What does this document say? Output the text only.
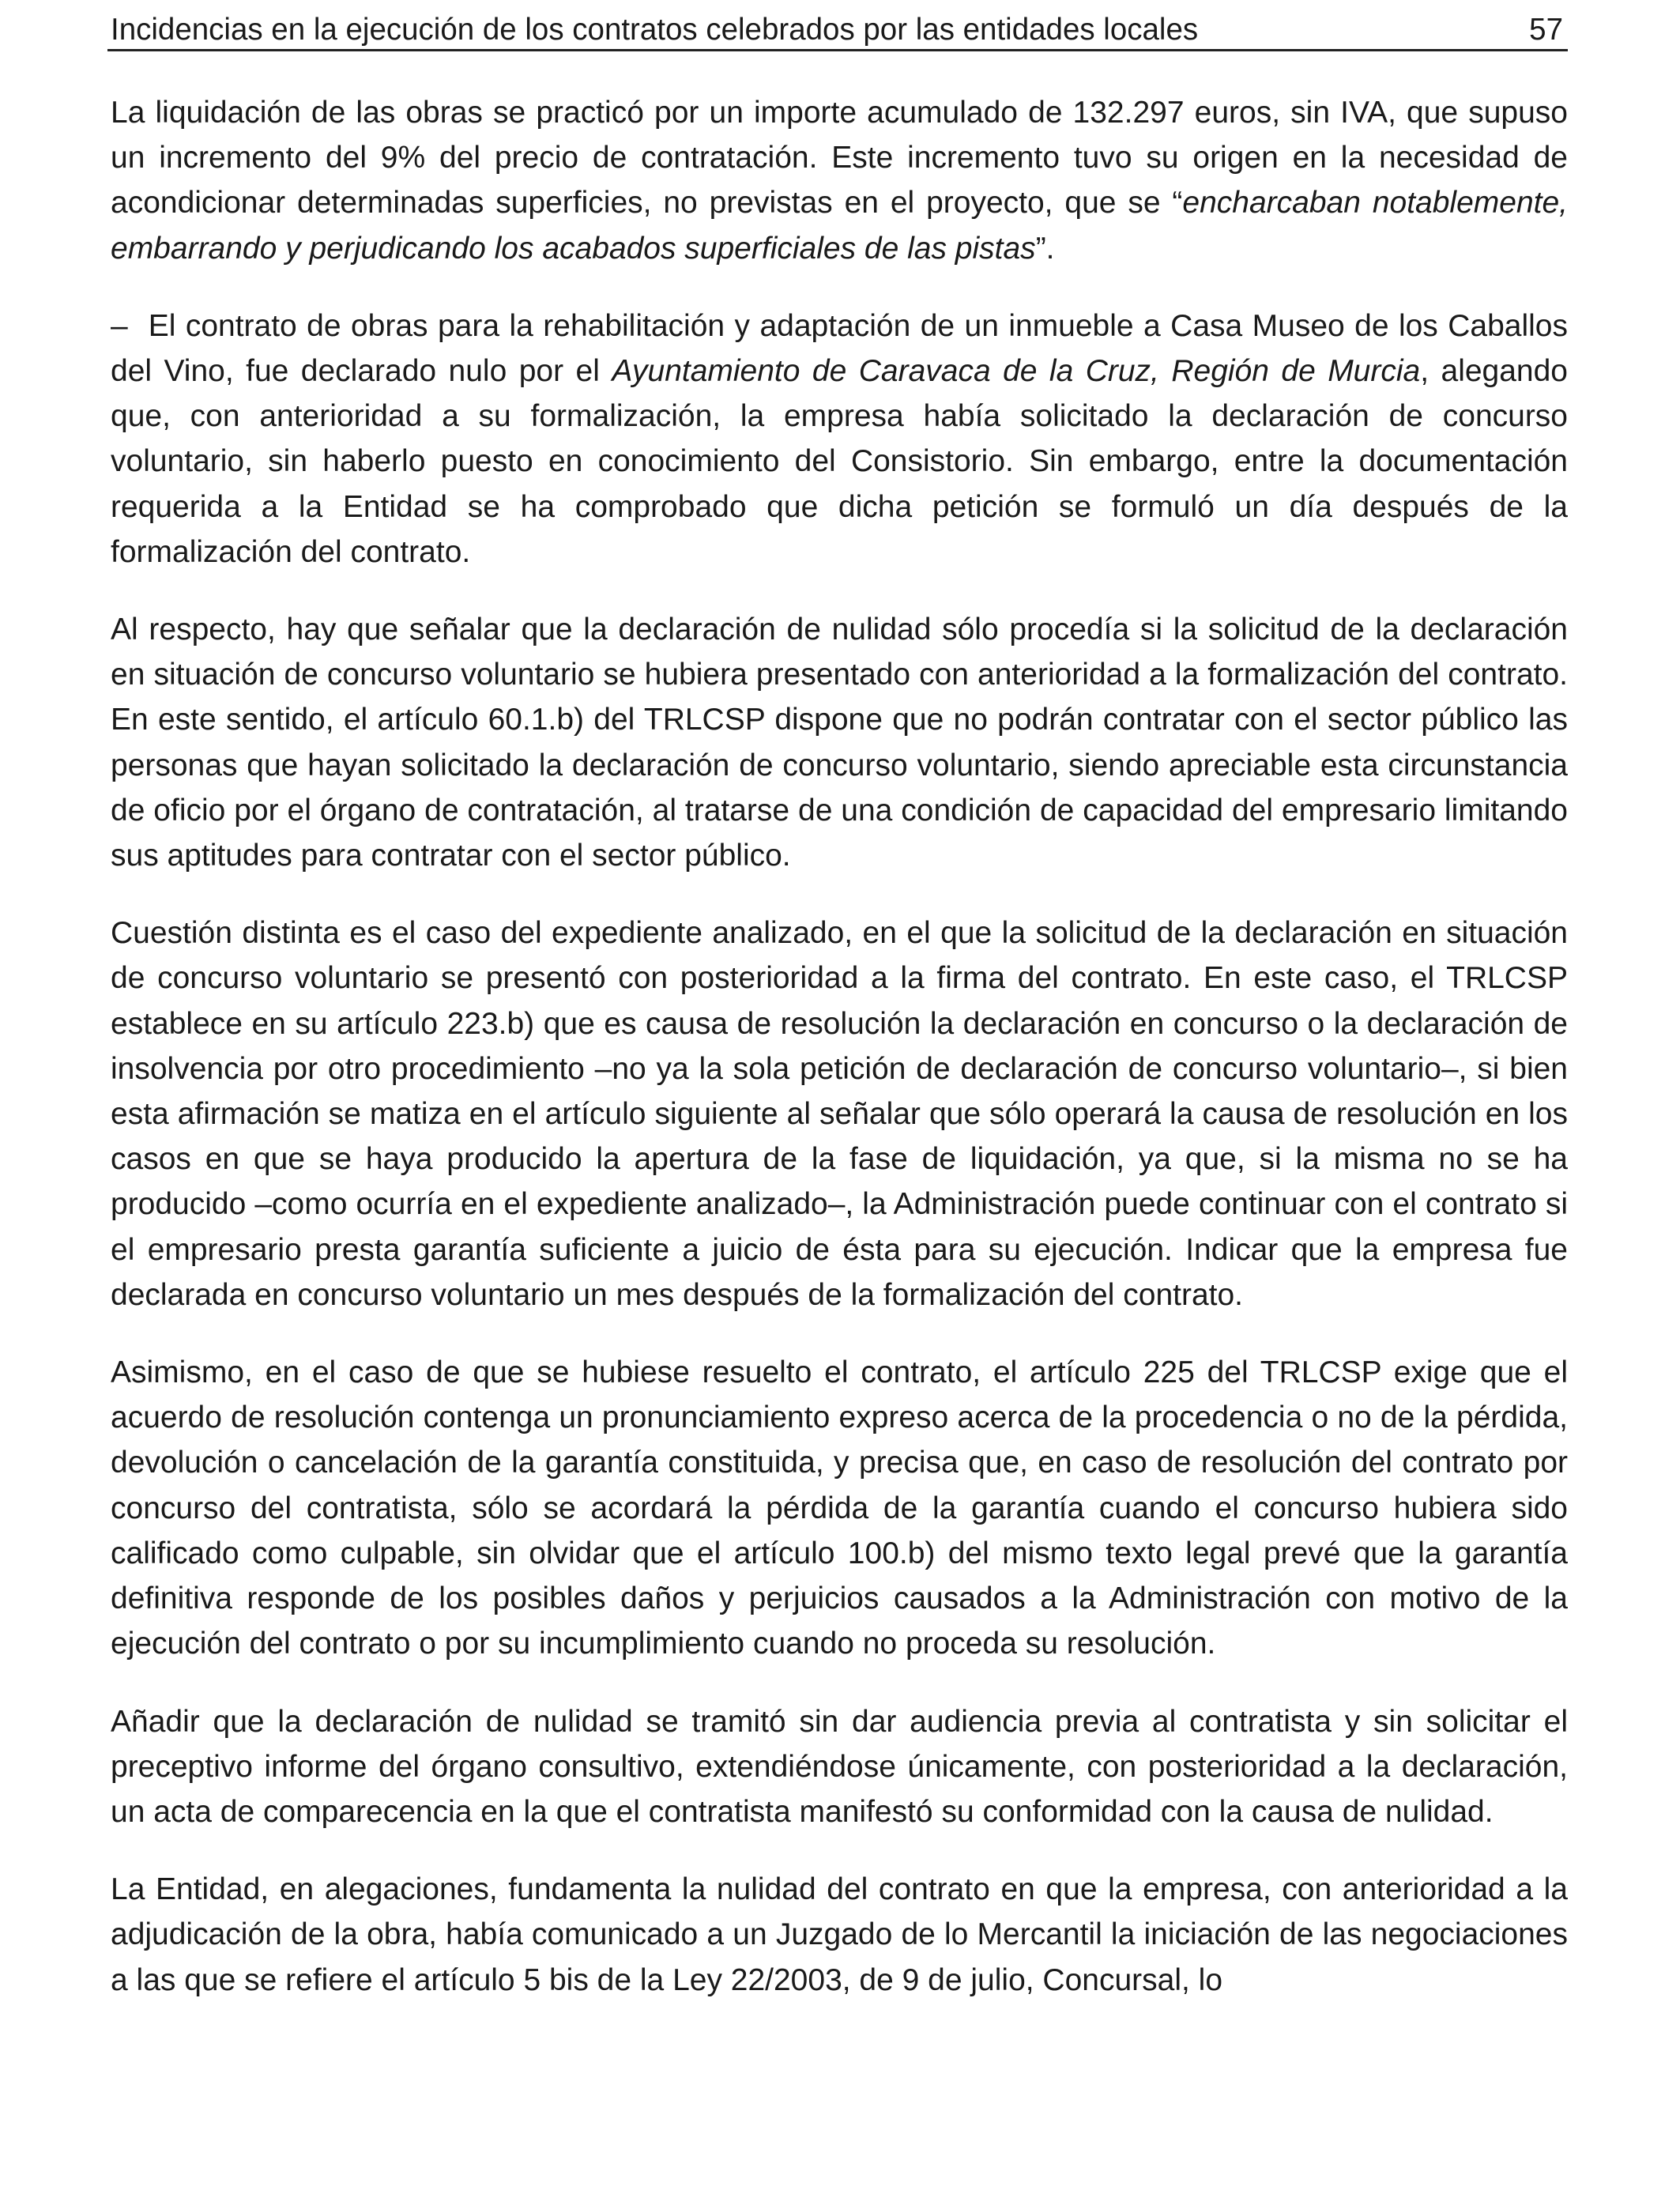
Incidencias en la ejecución de los contratos celebrados por las entidades locales	57

La liquidación de las obras se practicó por un importe acumulado de 132.297 euros, sin IVA, que supuso un incremento del 9% del precio de contratación. Este incremento tuvo su origen en la necesidad de acondicionar determinadas superficies, no previstas en el proyecto, que se “encharcaban notablemente, embarrando y perjudicando los acabados superficiales de las pistas”.

– El contrato de obras para la rehabilitación y adaptación de un inmueble a Casa Museo de los Caballos del Vino, fue declarado nulo por el Ayuntamiento de Caravaca de la Cruz, Región de Murcia, alegando que, con anterioridad a su formalización, la empresa había solicitado la declaración de concurso voluntario, sin haberlo puesto en conocimiento del Consistorio. Sin embargo, entre la documentación requerida a la Entidad se ha comprobado que dicha petición se formuló un día después de la formalización del contrato.

Al respecto, hay que señalar que la declaración de nulidad sólo procedía si la solicitud de la declaración en situación de concurso voluntario se hubiera presentado con anterioridad a la formalización del contrato. En este sentido, el artículo 60.1.b) del TRLCSP dispone que no podrán contratar con el sector público las personas que hayan solicitado la declaración de concurso voluntario, siendo apreciable esta circunstancia de oficio por el órgano de contratación, al tratarse de una condición de capacidad del empresario limitando sus aptitudes para contratar con el sector público.

Cuestión distinta es el caso del expediente analizado, en el que la solicitud de la declaración en situación de concurso voluntario se presentó con posterioridad a la firma del contrato. En este caso, el TRLCSP establece en su artículo 223.b) que es causa de resolución la declaración en concurso o la declaración de insolvencia por otro procedimiento –no ya la sola petición de declaración de concurso voluntario–, si bien esta afirmación se matiza en el artículo siguiente al señalar que sólo operará la causa de resolución en los casos en que se haya producido la apertura de la fase de liquidación, ya que, si la misma no se ha producido –como ocurría en el expediente analizado–, la Administración puede continuar con el contrato si el empresario presta garantía suficiente a juicio de ésta para su ejecución. Indicar que la empresa fue declarada en concurso voluntario un mes después de la formalización del contrato.

Asimismo, en el caso de que se hubiese resuelto el contrato, el artículo 225 del TRLCSP exige que el acuerdo de resolución contenga un pronunciamiento expreso acerca de la procedencia o no de la pérdida, devolución o cancelación de la garantía constituida, y precisa que, en caso de resolución del contrato por concurso del contratista, sólo se acordará la pérdida de la garantía cuando el concurso hubiera sido calificado como culpable, sin olvidar que el artículo 100.b) del mismo texto legal prevé que la garantía definitiva responde de los posibles daños y perjuicios causados a la Administración con motivo de la ejecución del contrato o por su incumplimiento cuando no proceda su resolución.

Añadir que la declaración de nulidad se tramitó sin dar audiencia previa al contratista y sin solicitar el preceptivo informe del órgano consultivo, extendiéndose únicamente, con posterioridad a la declaración, un acta de comparecencia en la que el contratista manifestó su conformidad con la causa de nulidad.

La Entidad, en alegaciones, fundamenta la nulidad del contrato en que la empresa, con anterioridad a la adjudicación de la obra, había comunicado a un Juzgado de lo Mercantil la iniciación de las negociaciones a las que se refiere el artículo 5 bis de la Ley 22/2003, de 9 de julio, Concursal, lo
